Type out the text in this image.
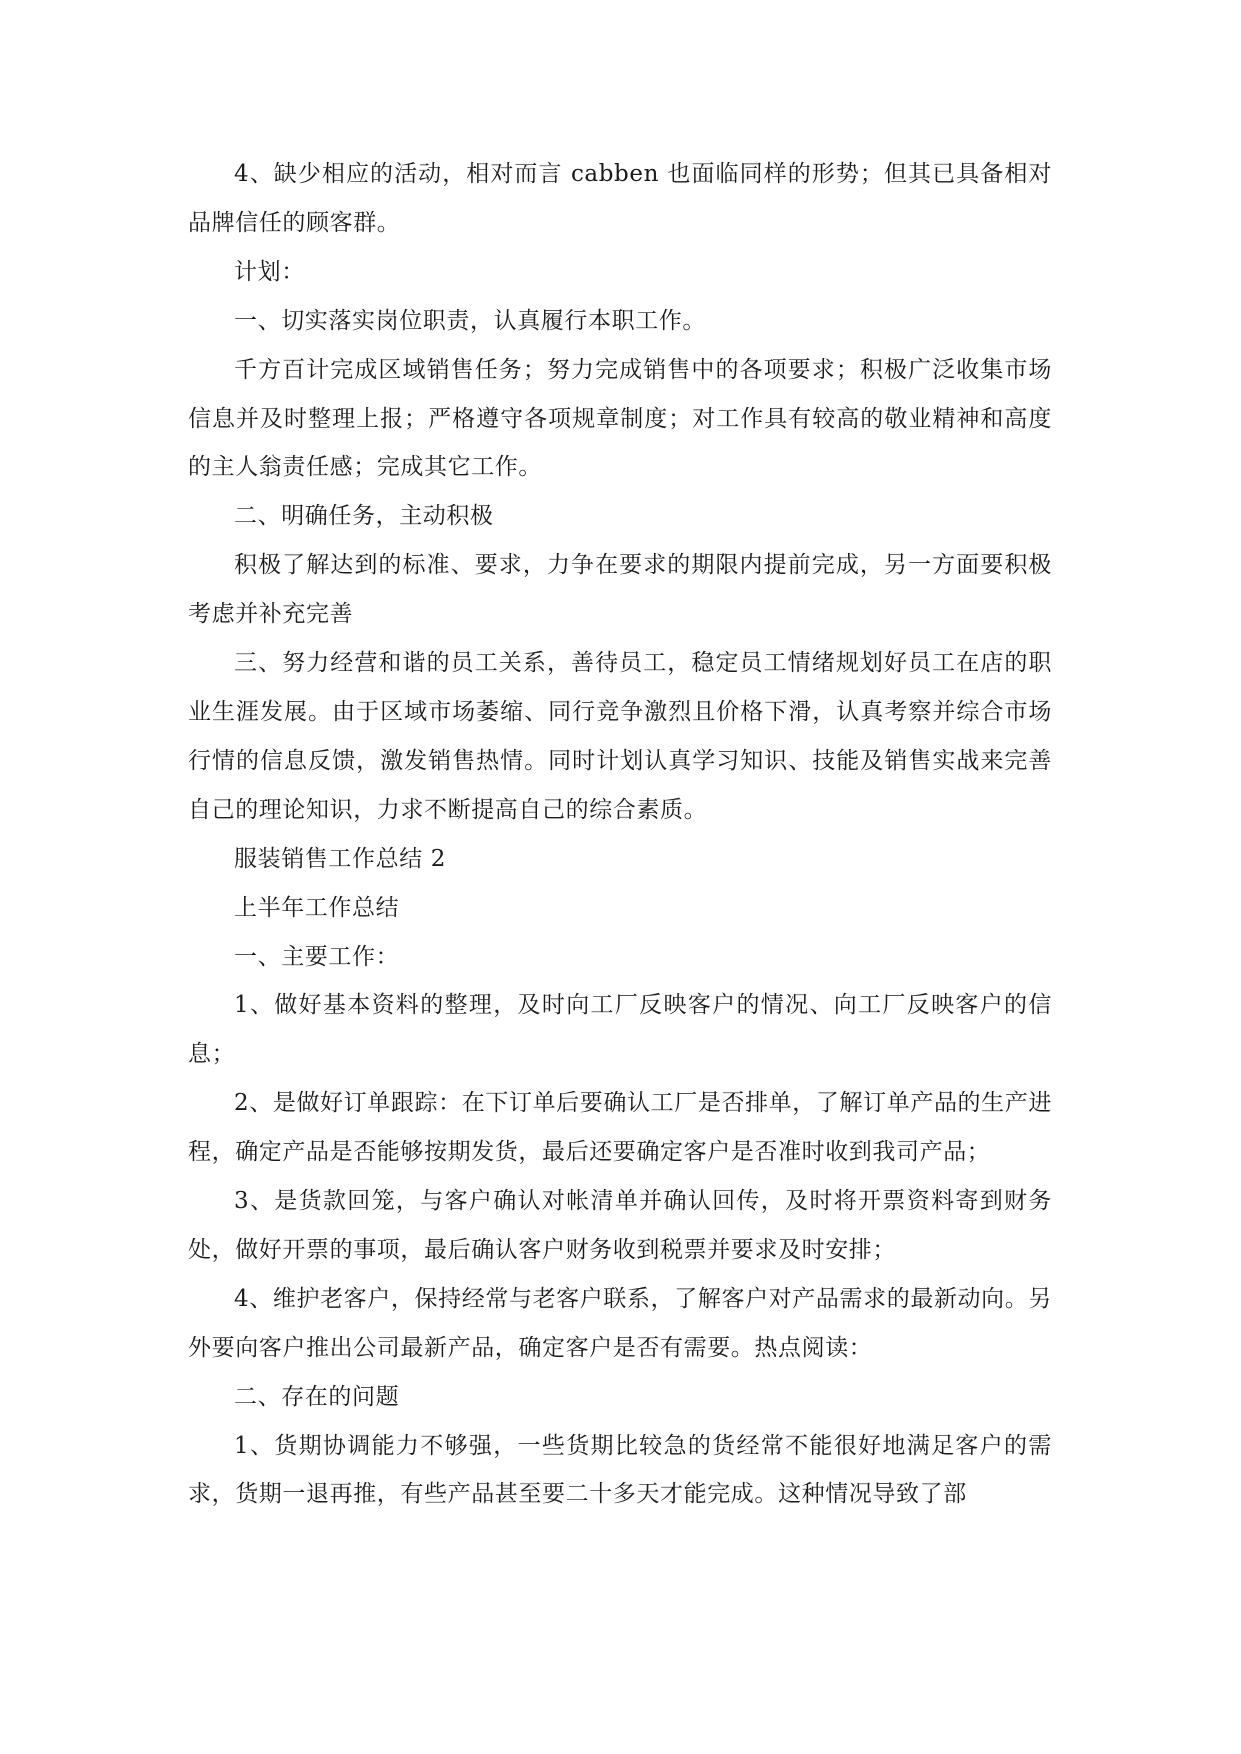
4、缺少相应的活动，相对而言 cabben 也面临同样的形势；但其已具备相对品牌信任的顾客群。

计划：

一、切实落实岗位职责，认真履行本职工作。

千方百计完成区域销售任务；努力完成销售中的各项要求；积极广泛收集市场信息并及时整理上报；严格遵守各项规章制度；对工作具有较高的敬业精神和高度的主人翁责任感；完成其它工作。

二、明确任务，主动积极

积极了解达到的标准、要求，力争在要求的期限内提前完成，另一方面要积极考虑并补充完善

三、努力经营和谐的员工关系，善待员工，稳定员工情绪规划好员工在店的职业生涯发展。由于区域市场萎缩、同行竞争激烈且价格下滑，认真考察并综合市场行情的信息反馈，激发销售热情。同时计划认真学习知识、技能及销售实战来完善自己的理论知识，力求不断提高自己的综合素质。

服装销售工作总结 2

上半年工作总结

一、主要工作：

1、做好基本资料的整理，及时向工厂反映客户的情况、向工厂反映客户的信息；

2、是做好订单跟踪：在下订单后要确认工厂是否排单，了解订单产品的生产进程，确定产品是否能够按期发货，最后还要确定客户是否准时收到我司产品；

3、是货款回笼，与客户确认对帐清单并确认回传，及时将开票资料寄到财务处，做好开票的事项，最后确认客户财务收到税票并要求及时安排；

4、维护老客户，保持经常与老客户联系，了解客户对产品需求的最新动向。另外要向客户推出公司最新产品，确定客户是否有需要。热点阅读：

二、存在的问题

1、货期协调能力不够强，一些货期比较急的货经常不能很好地满足客户的需求，货期一退再推，有些产品甚至要二十多天才能完成。这种情况导致了部
